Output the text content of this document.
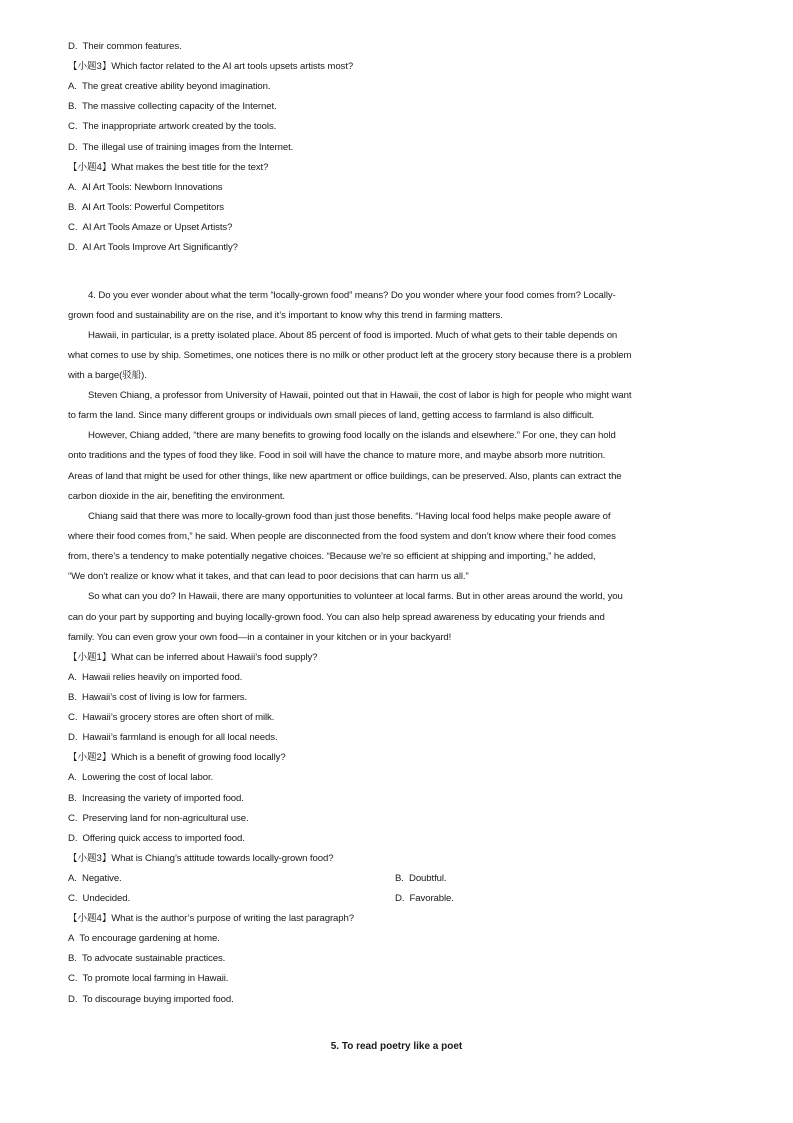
D.  Their common features.
【小题3】Which factor related to the AI art tools upsets artists most?
A.  The great creative ability beyond imagination.
B.  The massive collecting capacity of the Internet.
C.  The inappropriate artwork created by the tools.
D.  The illegal use of training images from the Internet.
【小题4】What makes the best title for the text?
A.  AI Art Tools: Newborn Innovations
B.  AI Art Tools: Powerful Competitors
C.  AI Art Tools Amaze or Upset Artists?
D.  AI Art Tools Improve Art Significantly?
4. Do you ever wonder about what the term “locally-grown food” means? Do you wonder where your food comes from? Locally-
grown food and sustainability are on the rise, and it’s important to know why this trend in farming matters.
Hawaii, in particular, is a pretty isolated place. About 85 percent of food is imported. Much of what gets to their table depends on
what comes to use by ship. Sometimes, one notices there is no milk or other product left at the grocery story because there is a problem
with a barge(驳船).
Steven Chiang, a professor from University of Hawaii, pointed out that in Hawaii, the cost of labor is high for people who might want
to farm the land. Since many different groups or individuals own small pieces of land, getting access to farmland is also difficult.
However, Chiang added, “there are many benefits to growing food locally on the islands and elsewhere.” For one, they can hold
onto traditions and the types of food they like. Food in soil will have the chance to mature more, and maybe absorb more nutrition.
Areas of land that might be used for other things, like new apartment or office buildings, can be preserved. Also, plants can extract the
carbon dioxide in the air, benefiting the environment.
Chiang said that there was more to locally-grown food than just those benefits. “Having local food helps make people aware of
where their food comes from,” he said. When people are disconnected from the food system and don’t know where their food comes
from, there’s a tendency to make potentially negative choices. “Because we’re so efficient at shipping and importing,” he added,
“We don’t realize or know what it takes, and that can lead to poor decisions that can harm us all.”
So what can you do? In Hawaii, there are many opportunities to volunteer at local farms. But in other areas around the world, you
can do your part by supporting and buying locally-grown food. You can also help spread awareness by educating your friends and
family. You can even grow your own food—in a container in your kitchen or in your backyard!
【小题1】What can be inferred about Hawaii’s food supply?
A.  Hawaii relies heavily on imported food.
B.  Hawaii’s cost of living is low for farmers.
C.  Hawaii’s grocery stores are often short of milk.
D.  Hawaii’s farmland is enough for all local needs.
【小题2】Which is a benefit of growing food locally?
A.  Lowering the cost of local labor.
B.  Increasing the variety of imported food.
C.  Preserving land for non-agricultural use.
D.  Offering quick access to imported food.
【小题3】What is Chiang’s attitude towards locally-grown food?
A.  Negative.	B.  Doubtful.
C.  Undecided.	D.  Favorable.
【小题4】What is the author’s purpose of writing the last paragraph?
A  To encourage gardening at home.
B.  To advocate sustainable practices.
C.  To promote local farming in Hawaii.
D.  To discourage buying imported food.
5. To read poetry like a poet
